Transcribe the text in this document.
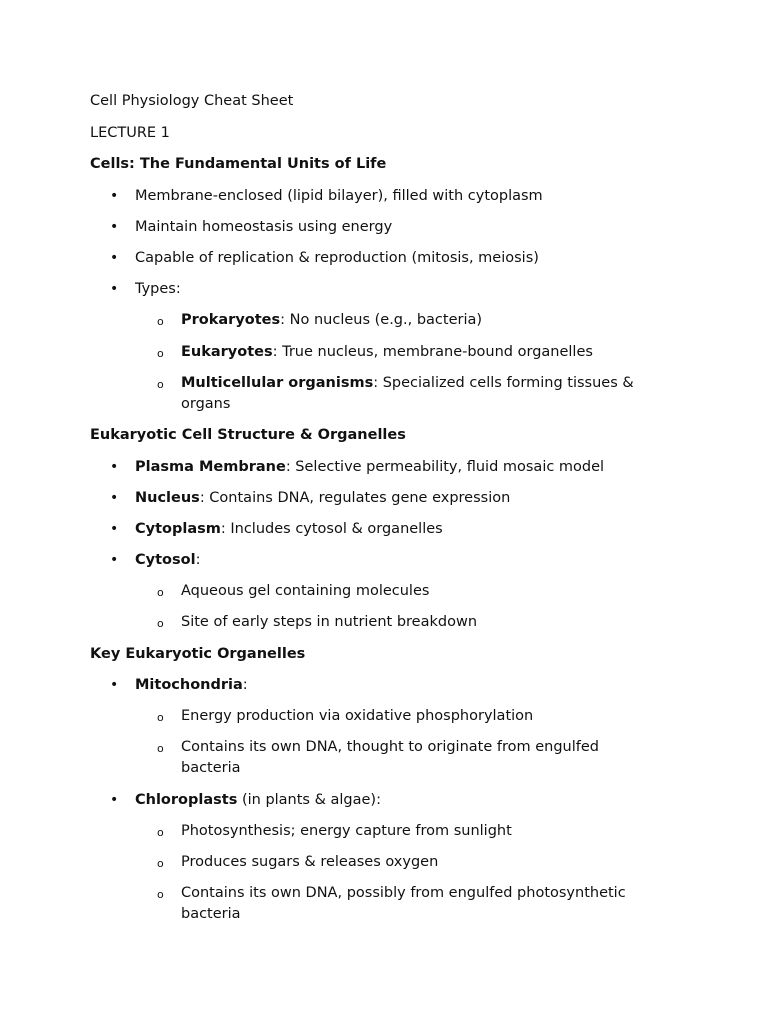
Cell Physiology Cheat Sheet
LECTURE 1
Cells: The Fundamental Units of Life
• Membrane-enclosed (lipid bilayer), filled with cytoplasm
• Maintain homeostasis using energy
• Capable of replication & reproduction (mitosis, meiosis)
• Types:
o Prokaryotes: No nucleus (e.g., bacteria)
o Eukaryotes: True nucleus, membrane-bound organelles
o Multicellular organisms: Specialized cells forming tissues &
organs
Eukaryotic Cell Structure & Organelles
• Plasma Membrane: Selective permeability, fluid mosaic model
• Nucleus: Contains DNA, regulates gene expression
• Cytoplasm: Includes cytosol & organelles
• Cytosol:
o Aqueous gel containing molecules
o Site of early steps in nutrient breakdown
Key Eukaryotic Organelles
• Mitochondria:
o Energy production via oxidative phosphorylation
o Contains its own DNA, thought to originate from engulfed
bacteria
• Chloroplasts (in plants & algae):
o Photosynthesis; energy capture from sunlight
o Produces sugars & releases oxygen
o Contains its own DNA, possibly from engulfed photosynthetic
bacteria
